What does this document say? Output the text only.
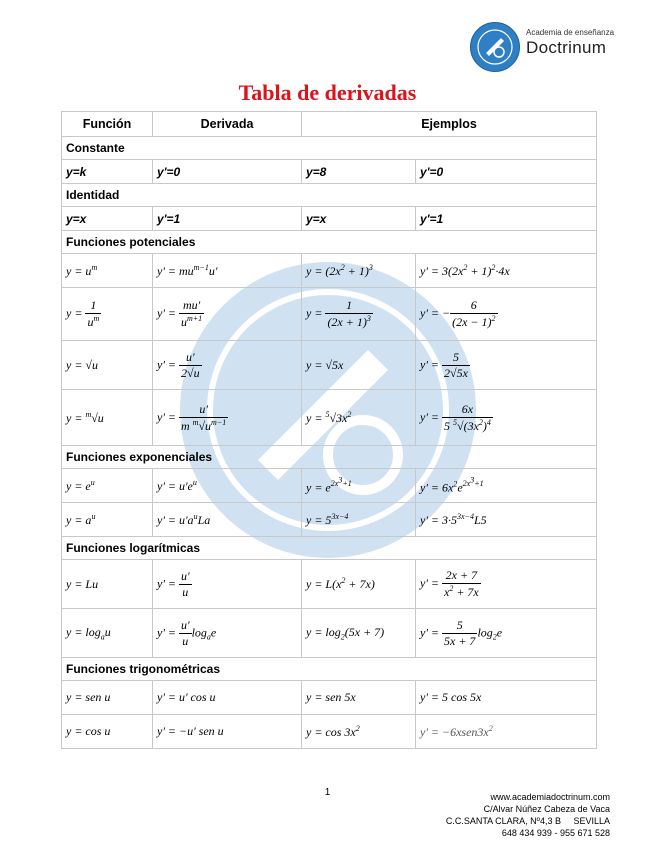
Academia de enseñanza
Doctrinum
Tabla de derivadas
Función	Derivada	Ejemplos	
Constante			
y=k	y'=0	y=8	y'=0
Identidad			
y=x	y'=1	y=x	y'=1
Funciones potenciales			
$y = u^m$	$y' = mu^{m-1}u'$	$y = (2x^2 + 1)^3$	$y' = 3(2x^2 + 1)^2\cdot 4x$
$y = \frac{1}{u^m}$	$y' = \frac{mu'}{u^{m+1}}$	$y = \frac{1}{(2x + 1)^3}$	y' = − $\frac{6}{(2x - 1)^2}$

y = √u	$y' = \frac{u'}{2√u}$	y = √5x	$y' = \frac{5}{2√5x}$

y = $^m$√u	$y' = \frac{u'}{m ^m√u^{m-1}}$	$y = ^5√3x^2$	$y' = \frac{6x}{5 ^5√(3x^2)^4}$

Funciones exponenciales			
$y = e^u$	$y' = u'e^u$	$y = e^{2x^3+1}$	$y' = 6x^2e^{2x^3+1}$
$y = a^u$	$y' = u'a^uLa$	$y = 5^{3x-4}$	$y' = 3\cdot 5^{3x-4}L5$
Funciones logarítmicas			
y = Lu	$y' = \frac{u'}{u}$	$y = L(x^2 + 7x)$	$y' = \frac{2x + 7}{x^2 + 7x}$

$y = \log_au$	$y' = \frac{u'}{u} \log_ae$	$y = \log_2(5x + 7)$	$y' = \frac{5}{5x + 7} \log_2e$
Funciones trigonométricas			
y = sen u	y' = u' cos u	y = sen 5x	y' = 5 cos 5x
y = cos u	y' = −u' sen u	$y = \cos 3x^2$	$y' = -6xsen3x^2$
1	www.academiadoctrinum.com
C/Alvar Núñez Cabeza de Vaca
C.C.SANTA CLARA, Nº4,3 B     SEVILLA
648 434 939 - 955 671 528
